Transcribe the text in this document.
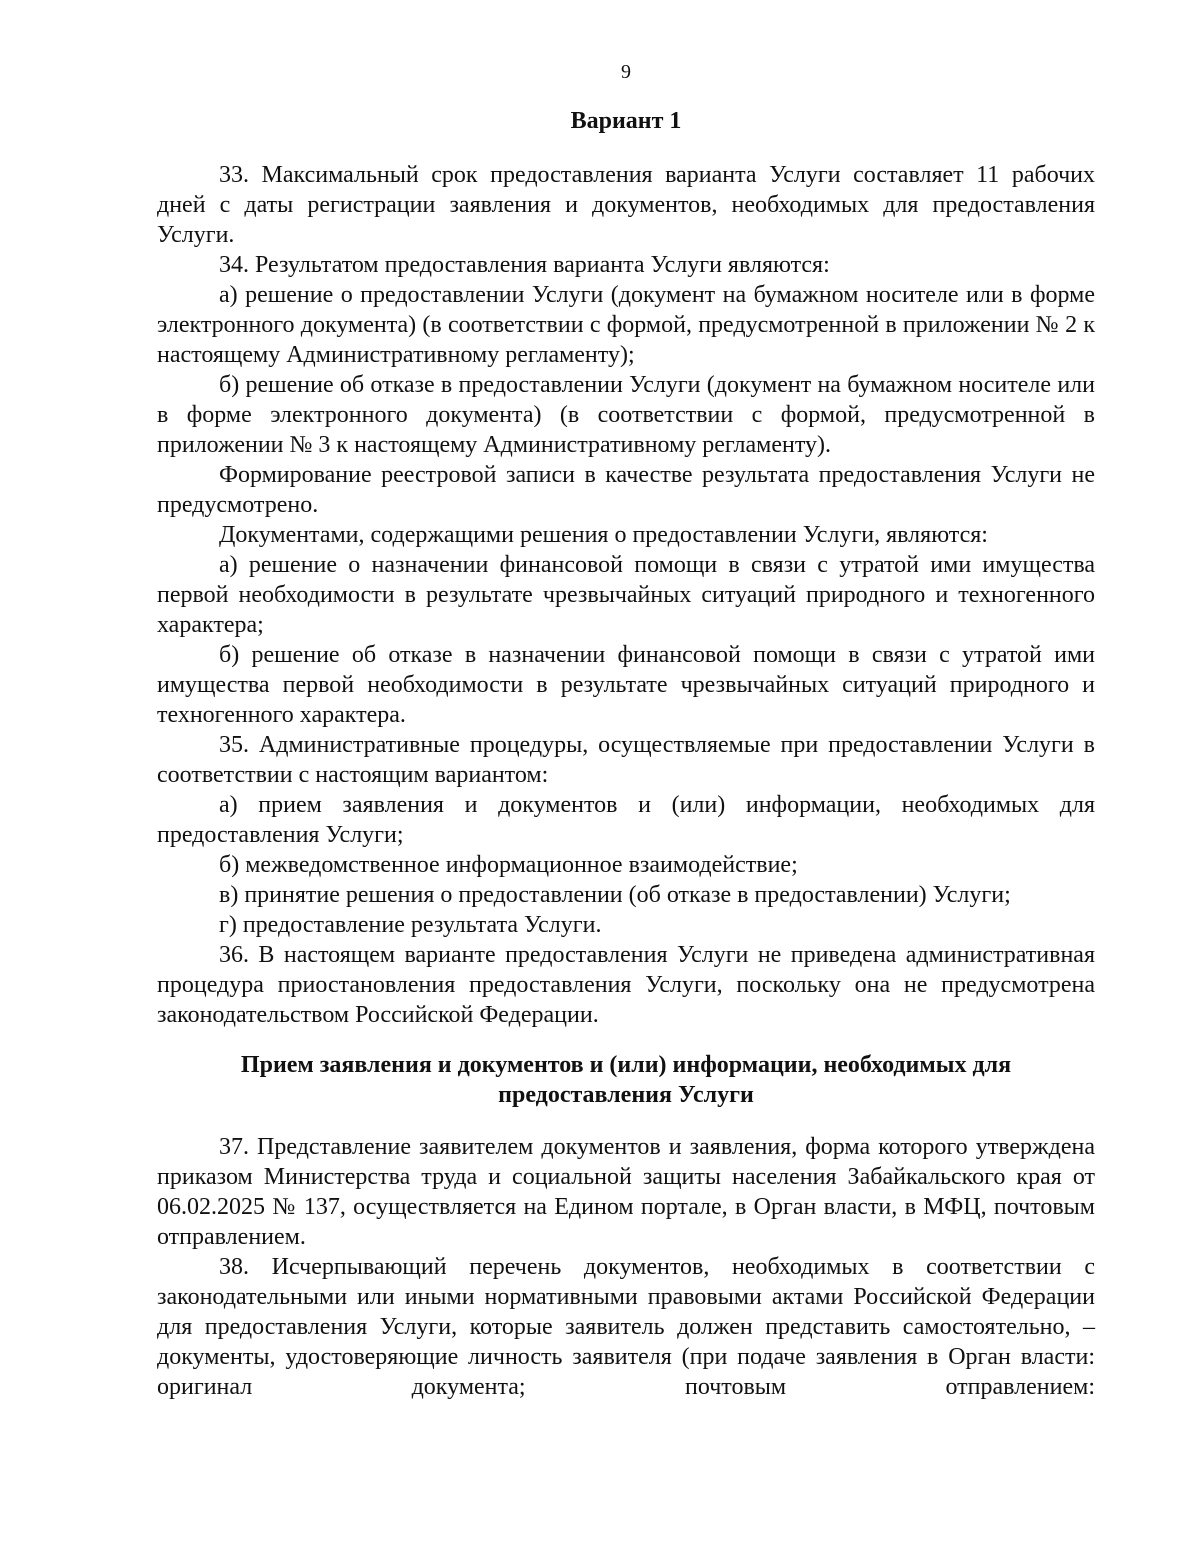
9
Вариант 1

33. Максимальный срок предоставления варианта Услуги составляет 11 рабочих дней с даты регистрации заявления и документов, необходимых для предоставления Услуги.

34. Результатом предоставления варианта Услуги являются:

а) решение о предоставлении Услуги (документ на бумажном носителе или в форме электронного документа) (в соответствии с формой, предусмотренной в приложении № 2 к настоящему Административному регламенту);

б) решение об отказе в предоставлении Услуги (документ на бумажном носителе или в форме электронного документа) (в соответствии с формой, предусмотренной в приложении № 3 к настоящему Административному регламенту).

Формирование реестровой записи в качестве результата предоставления Услуги не предусмотрено.

Документами, содержащими решения о предоставлении Услуги, являются:

а) решение о назначении финансовой помощи в связи с утратой ими имущества первой необходимости в результате чрезвычайных ситуаций природного и техногенного характера;

б) решение об отказе в назначении финансовой помощи в связи с утратой ими имущества первой необходимости в результате чрезвычайных ситуаций природного и техногенного характера.

35. Административные процедуры, осуществляемые при предоставлении Услуги в соответствии с настоящим вариантом:

а) прием заявления и документов и (или) информации, необходимых для предоставления Услуги;

б) межведомственное информационное взаимодействие;

в) принятие решения о предоставлении (об отказе в предоставлении) Услуги;

г) предоставление результата Услуги.

36. В настоящем варианте предоставления Услуги не приведена административная процедура приостановления предоставления Услуги, поскольку она не предусмотрена законодательством Российской Федерации.

Прием заявления и документов и (или) информации, необходимых для предоставления Услуги

37. Представление заявителем документов и заявления, форма которого утверждена приказом Министерства труда и социальной защиты населения Забайкальского края от 06.02.2025 № 137, осуществляется на Едином портале, в Орган власти, в МФЦ, почтовым отправлением.

38. Исчерпывающий перечень документов, необходимых в соответствии с законодательными или иными нормативными правовыми актами Российской Федерации для предоставления Услуги, которые заявитель должен представить самостоятельно, – документы, удостоверяющие личность заявителя (при подаче заявления в Орган власти: оригинал документа; почтовым отправлением:
